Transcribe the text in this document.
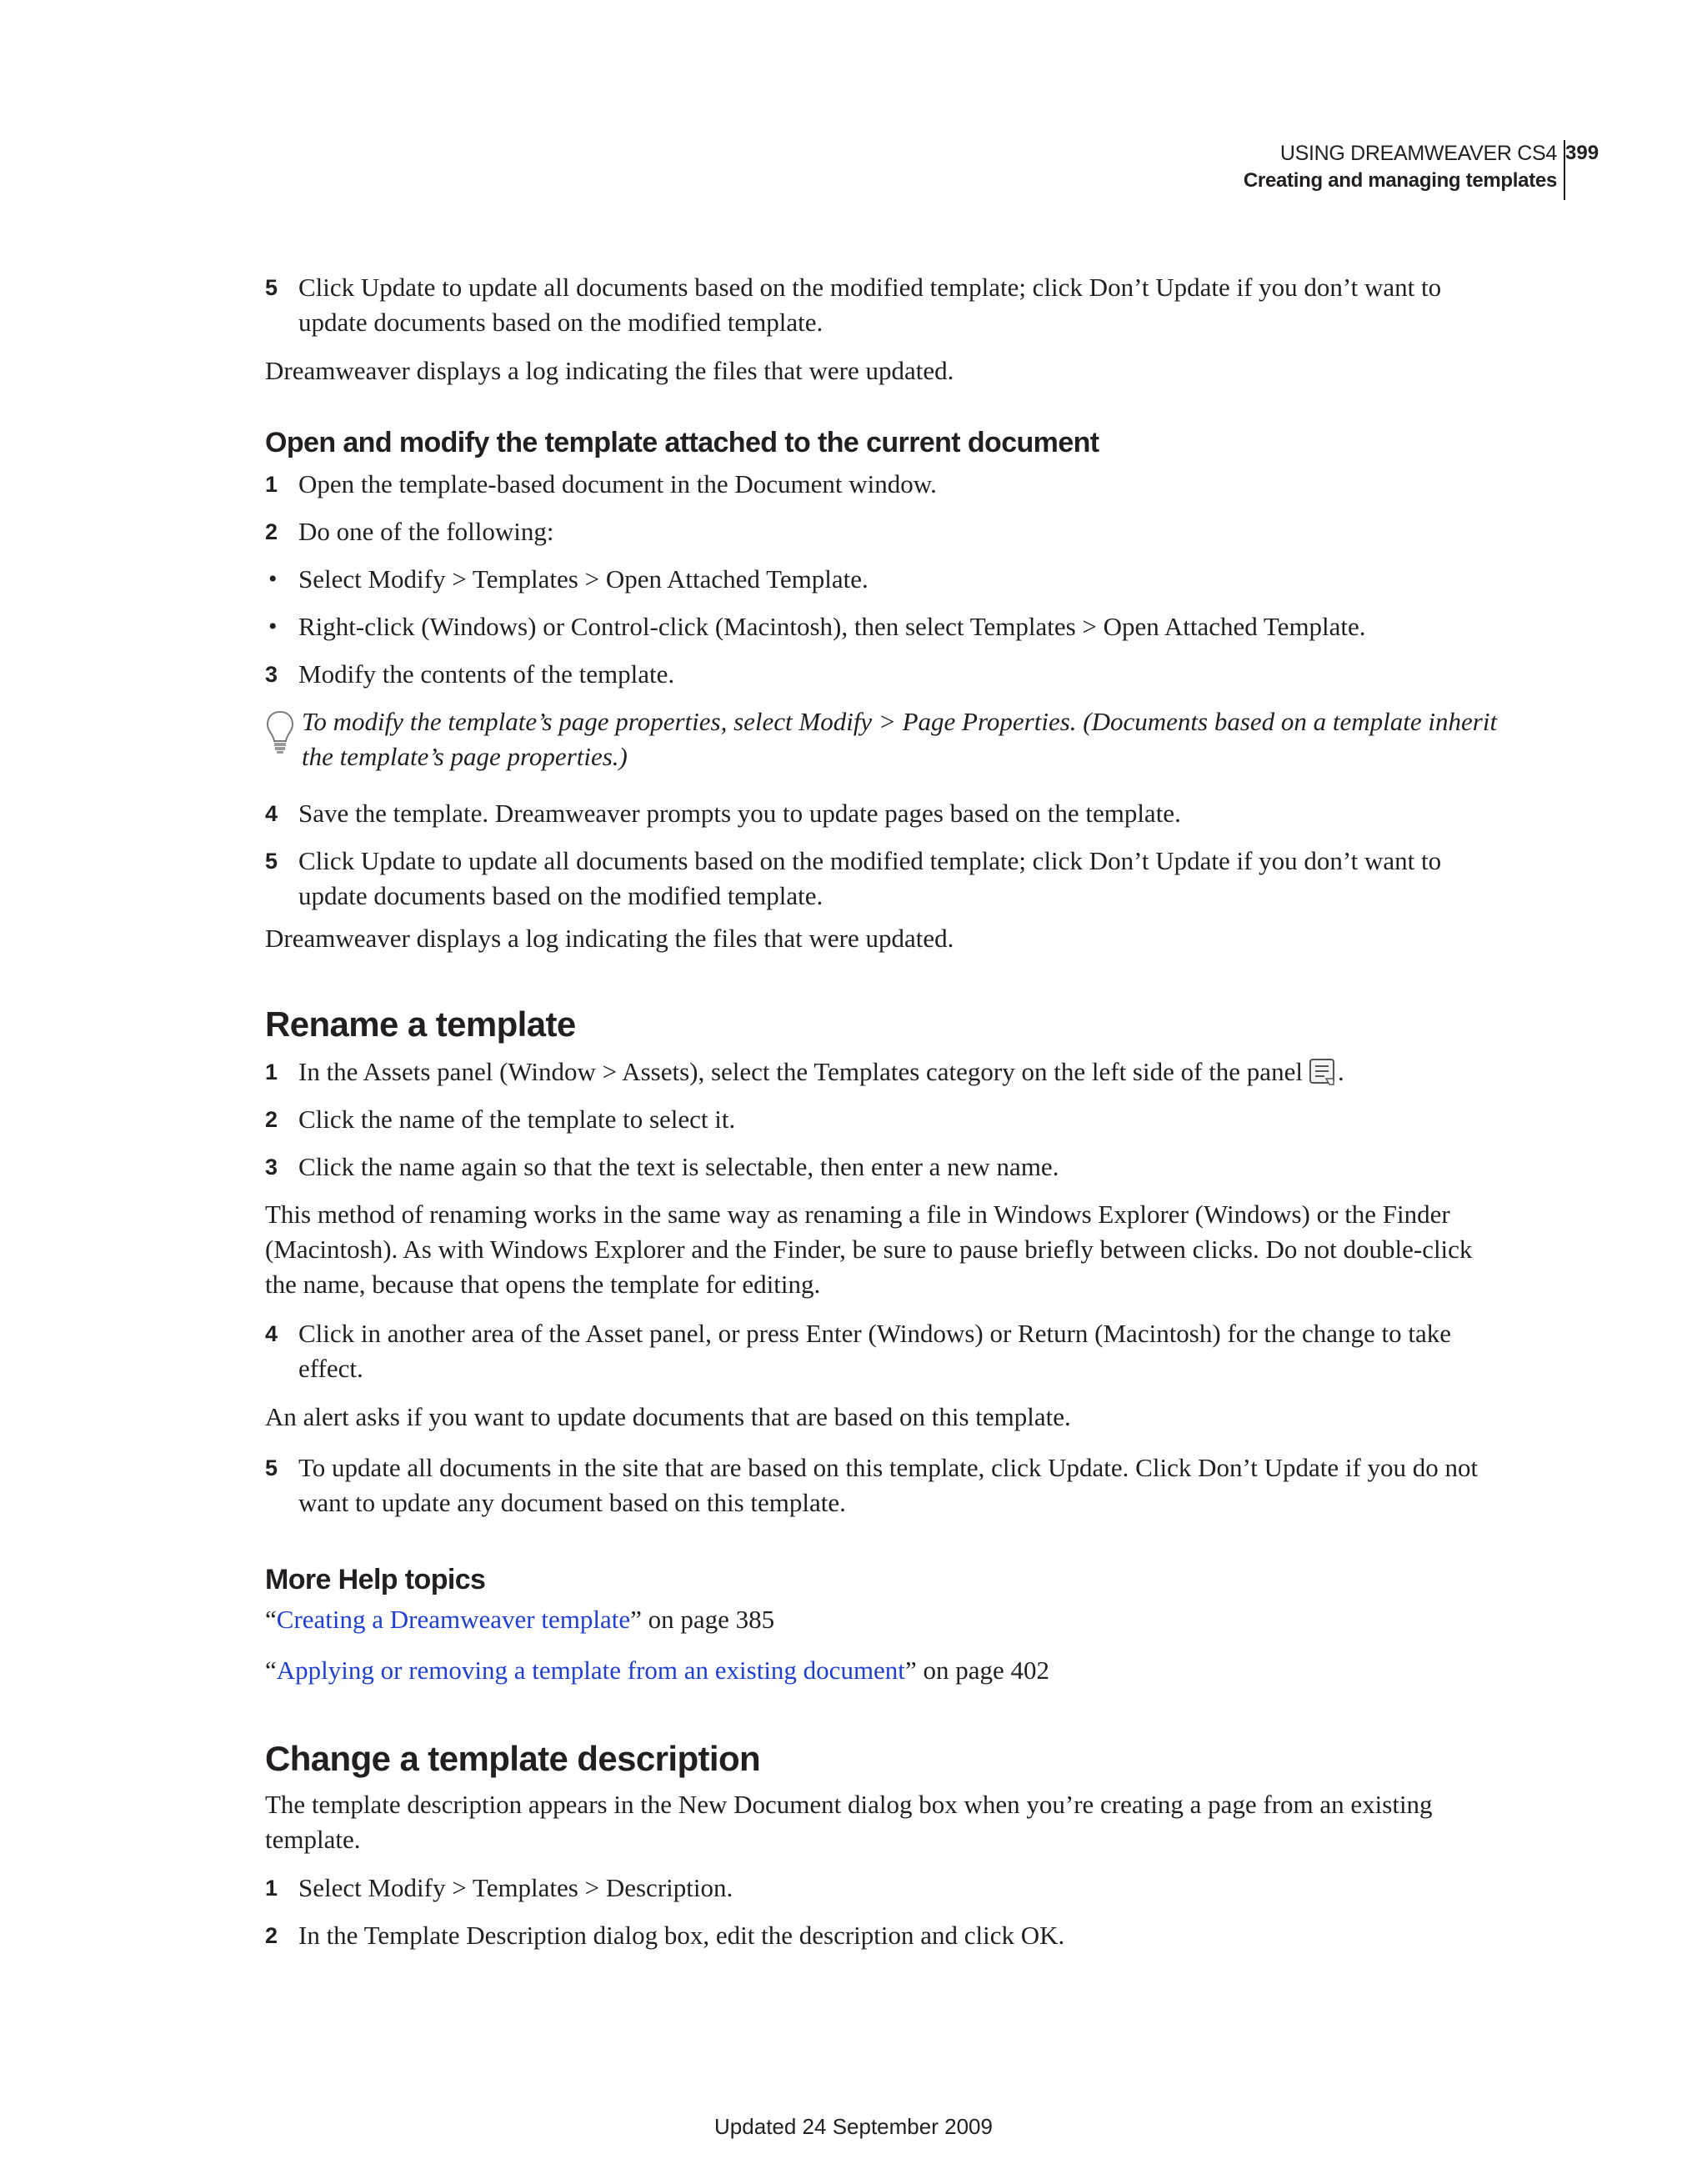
USING DREAMWEAVER CS4
Creating and managing templates
399
5 Click Update to update all documents based on the modified template; click Don’t Update if you don’t want to update documents based on the modified template.
Dreamweaver displays a log indicating the files that were updated.
Open and modify the template attached to the current document
1 Open the template-based document in the Document window.
2 Do one of the following:
• Select Modify > Templates > Open Attached Template.
• Right-click (Windows) or Control-click (Macintosh), then select Templates > Open Attached Template.
3 Modify the contents of the template.
To modify the template’s page properties, select Modify > Page Properties. (Documents based on a template inherit the template’s page properties.)
4 Save the template. Dreamweaver prompts you to update pages based on the template.
5 Click Update to update all documents based on the modified template; click Don’t Update if you don’t want to update documents based on the modified template.
Dreamweaver displays a log indicating the files that were updated.
Rename a template
1 In the Assets panel (Window > Assets), select the Templates category on the left side of the panel .
2 Click the name of the template to select it.
3 Click the name again so that the text is selectable, then enter a new name.
This method of renaming works in the same way as renaming a file in Windows Explorer (Windows) or the Finder (Macintosh). As with Windows Explorer and the Finder, be sure to pause briefly between clicks. Do not double-click the name, because that opens the template for editing.
4 Click in another area of the Asset panel, or press Enter (Windows) or Return (Macintosh) for the change to take effect.
An alert asks if you want to update documents that are based on this template.
5 To update all documents in the site that are based on this template, click Update. Click Don’t Update if you do not want to update any document based on this template.
More Help topics
“Creating a Dreamweaver template” on page 385
“Applying or removing a template from an existing document” on page 402
Change a template description
The template description appears in the New Document dialog box when you’re creating a page from an existing template.
1 Select Modify > Templates > Description.
2 In the Template Description dialog box, edit the description and click OK.
Updated 24 September 2009
